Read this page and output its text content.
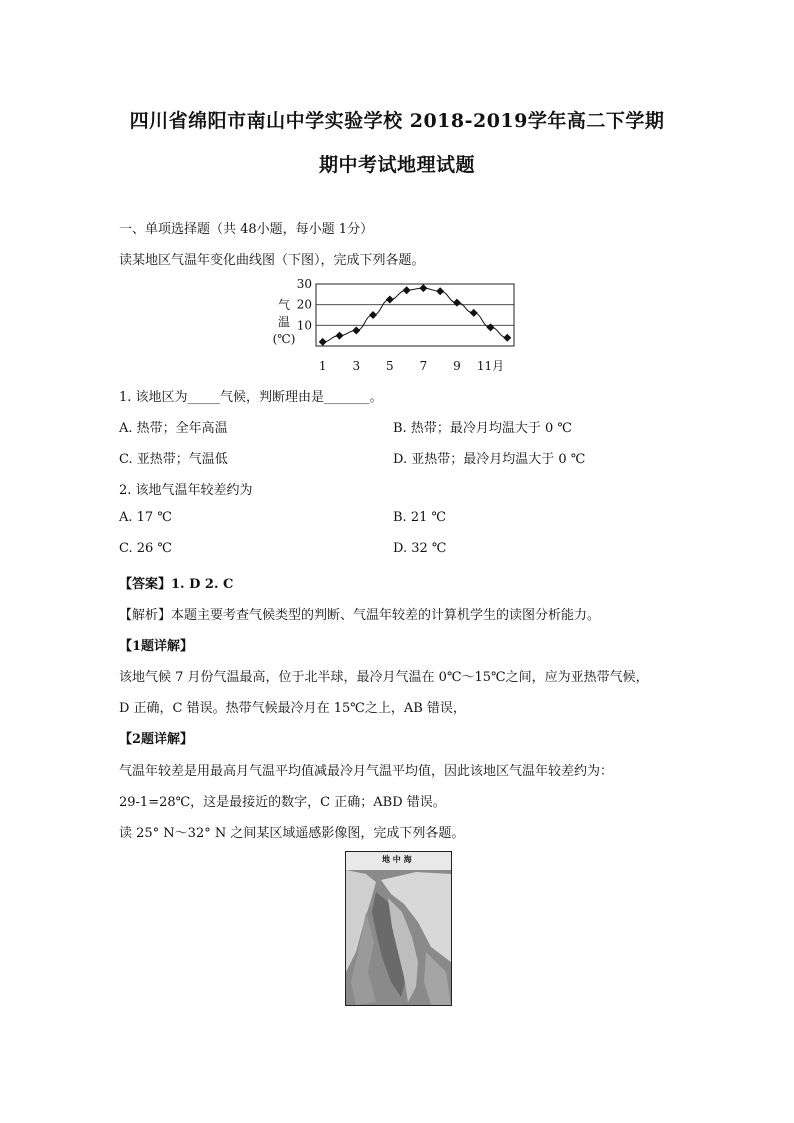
四川省绵阳市南山中学实验学校 2018-2019学年高二下学期
期中考试地理试题
一、单项选择题（共 48小题，每小题 1分）
读某地区气温年变化曲线图（下图），完成下列各题。
30
20
10
气
温
(℃)
1 3 5 7 9 11月
1. 该地区为_____气候，判断理由是_______。
A. 热带；全年高温	B. 热带；最冷月均温大于 0 ℃
C. 亚热带；气温低	D. 亚热带；最冷月均温大于 0 ℃
2. 该地气温年较差约为
A. 17 ℃	B. 21 ℃
C. 26 ℃	D. 32 ℃
【答案】1. D 2. C
【解析】本题主要考查气候类型的判断、气温年较差的计算机学生的读图分析能力。
【1题详解】
该地气候 7 月份气温最高，位于北半球，最冷月气温在 0℃～15℃之间，应为亚热带气候，
D 正确，C 错误。热带气候最冷月在 15℃之上，AB 错误，
【2题详解】
气温年较差是用最高月气温平均值减最冷月气温平均值，因此该地区气温年较差约为：
29-1=28℃，这是最接近的数字，C 正确；ABD 错误。
读 25° N～32° N 之间某区域遥感影像图，完成下列各题。
地 中 海
